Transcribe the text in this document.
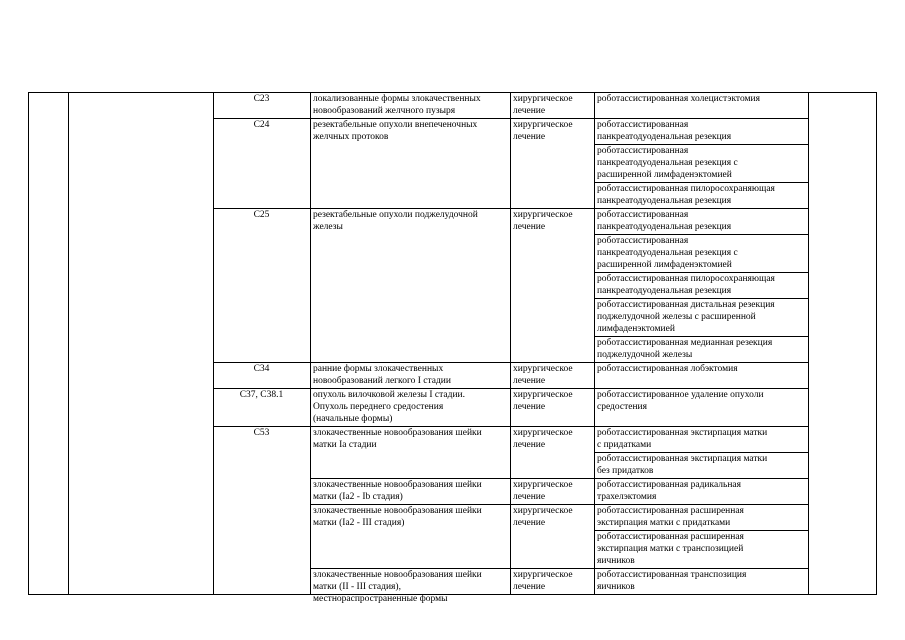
роботассистированная холецистэктомия
локализованные формы злокачественных
новообразований желчного пузыря
хирургическое
лечение
C23
роботассистированная
панкреатодуоденальная резекция
роботассистированная
панкреатодуоденальная резекция с
расширенной лимфаденэктомией
роботассистированная пилоросохраняющая
панкреатодуоденальная резекция
резектабельные опухоли внепеченочных
желчных протоков
хирургическое
лечение
C24
роботассистированная
панкреатодуоденальная резекция
роботассистированная
панкреатодуоденальная резекция с
расширенной лимфаденэктомией
роботассистированная пилоросохраняющая
панкреатодуоденальная резекция
роботассистированная дистальная резекция
поджелудочной железы с расширенной
лимфаденэктомией
роботассистированная медианная резекция
поджелудочной железы
резектабельные опухоли поджелудочной
железы
хирургическое
лечение
C25
роботассистированная лобэктомия
ранние формы злокачественных
новообразований легкого I стадии
хирургическое
лечение
C34
роботассистированное удаление опухоли
средостения
опухоль вилочковой железы I стадии.
Опухоль переднего средостения
(начальные формы)
хирургическое
лечение
C37, C38.1
роботассистированная экстирпация матки
с придатками
роботассистированная экстирпация матки
без придатков
злокачественные новообразования шейки
матки Ia стадии
хирургическое
лечение
роботассистированная радикальная
трахелэктомия
злокачественные новообразования шейки
матки (Ia2 - Ib стадия)
хирургическое
лечение
роботассистированная расширенная
экстирпация матки с придатками
роботассистированная расширенная
экстирпация матки с транспозицией
яичников
злокачественные новообразования шейки
матки (Ia2 - III стадия)
хирургическое
лечение
роботассистированная транспозиция
яичников
злокачественные новообразования шейки
матки (II - III стадия),
местнораспространенные формы
хирургическое
лечение
C53
